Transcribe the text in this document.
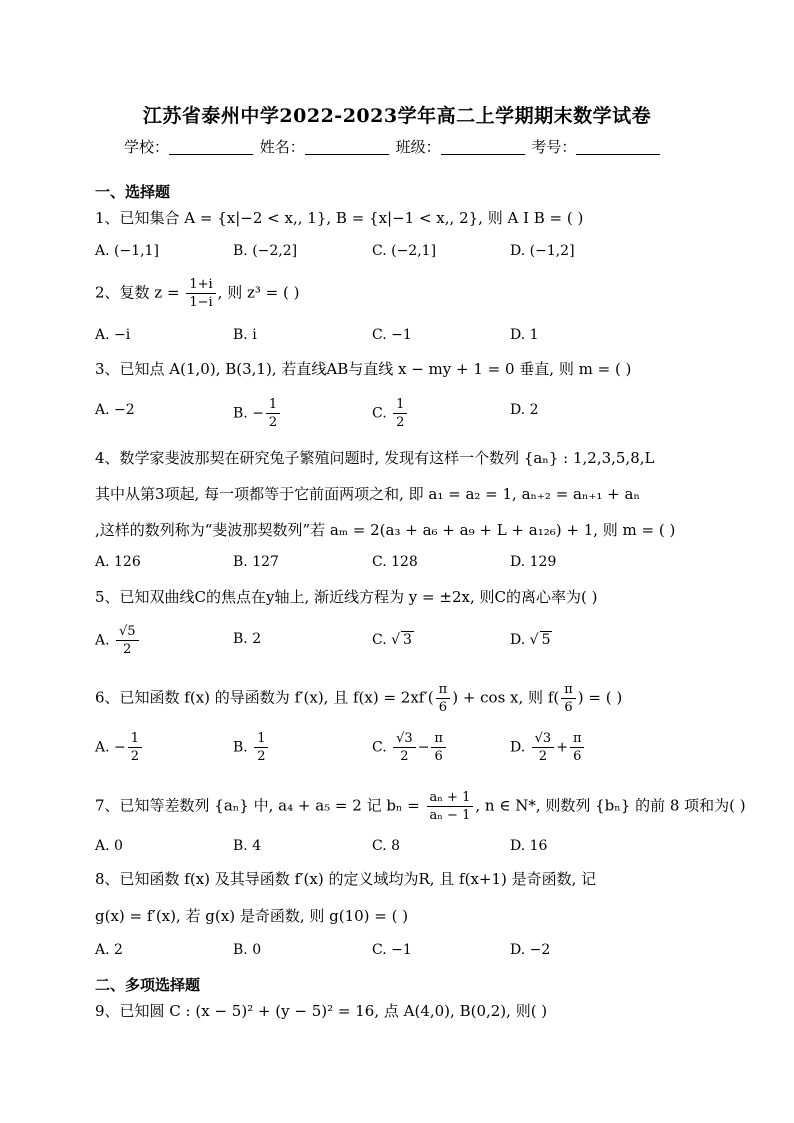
江苏省泰州中学2022-2023学年高二上学期期末数学试卷
学校：	姓名：	班级：	考号：
一、选择题
1、已知集合 A = {x|−2 < x,, 1}, B = {x|−1 < x,, 2}, 则 A I B = ( )
A. (−1,1]	B. (−2,2]	C. (−2,1]	D. (−1,2]
2、复数 $z = \frac{1+i}{1-i}$ , 则 z³ = ( )
A. −i	B. i	C. −1	D. 1
3、已知点 A(1,0), B(3,1), 若直线AB与直线 x − my + 1 = 0 垂直, 则 m = ( )
A. −2	B. − $\frac{1}{2}$	C. $\frac{1}{2}$	D. 2
4、数学家斐波那契在研究兔子繁殖问题时, 发现有这样一个数列 {aₙ} : 1,2,3,5,8,L
其中从第3项起, 每一项都等于它前面两项之和, 即 a₁ = a₂ = 1, aₙ₊₂ = aₙ₊₁ + aₙ
,这样的数列称为“斐波那契数列”若 aₘ = 2(a₃ + a₆ + a₉ + L + a₁₂₆) + 1, 则 m = ( )
A. 126	B. 127	C. 128	D. 129
5、已知双曲线C的焦点在y轴上, 渐近线方程为 y = ±2x, 则C的离心率为( )
A. $\frac{√5}{2}$	B. 2	C. √ 3	D. √ 5
6、已知函数 f(x) 的导函数为 f′(x), 且 $f(x) = 2xf'( \frac{\pi}{6}$ ) + cos x, 则 $f( \frac{\pi}{6}$ ) = ( )
A. − $\frac{1}{2}$	B. $\frac{1}{2}$	C. $\frac{√3}{2} - \frac{\pi}{6}$	D. $\frac{√3}{2} + \frac{\pi}{6}$
7、已知等差数列 {aₙ} 中, a₄ + a₅ = 2 记 $b_n = \frac{\text{aₙ + 1}}{\text{aₙ − 1}}$ , n ∈ N*, 则数列 {bₙ} 的前 8 项和为( )
A. 0	B. 4	C. 8	D. 16
8、已知函数 f(x) 及其导函数 f′(x) 的定义域均为R, 且 f(x+1) 是奇函数, 记
g(x) = f′(x), 若 g(x) 是奇函数, 则 g(10) = ( )
A. 2	B. 0	C. −1	D. −2
二、多项选择题
9、已知圆 C : (x − 5)² + (y − 5)² = 16, 点 A(4,0), B(0,2), 则( )
